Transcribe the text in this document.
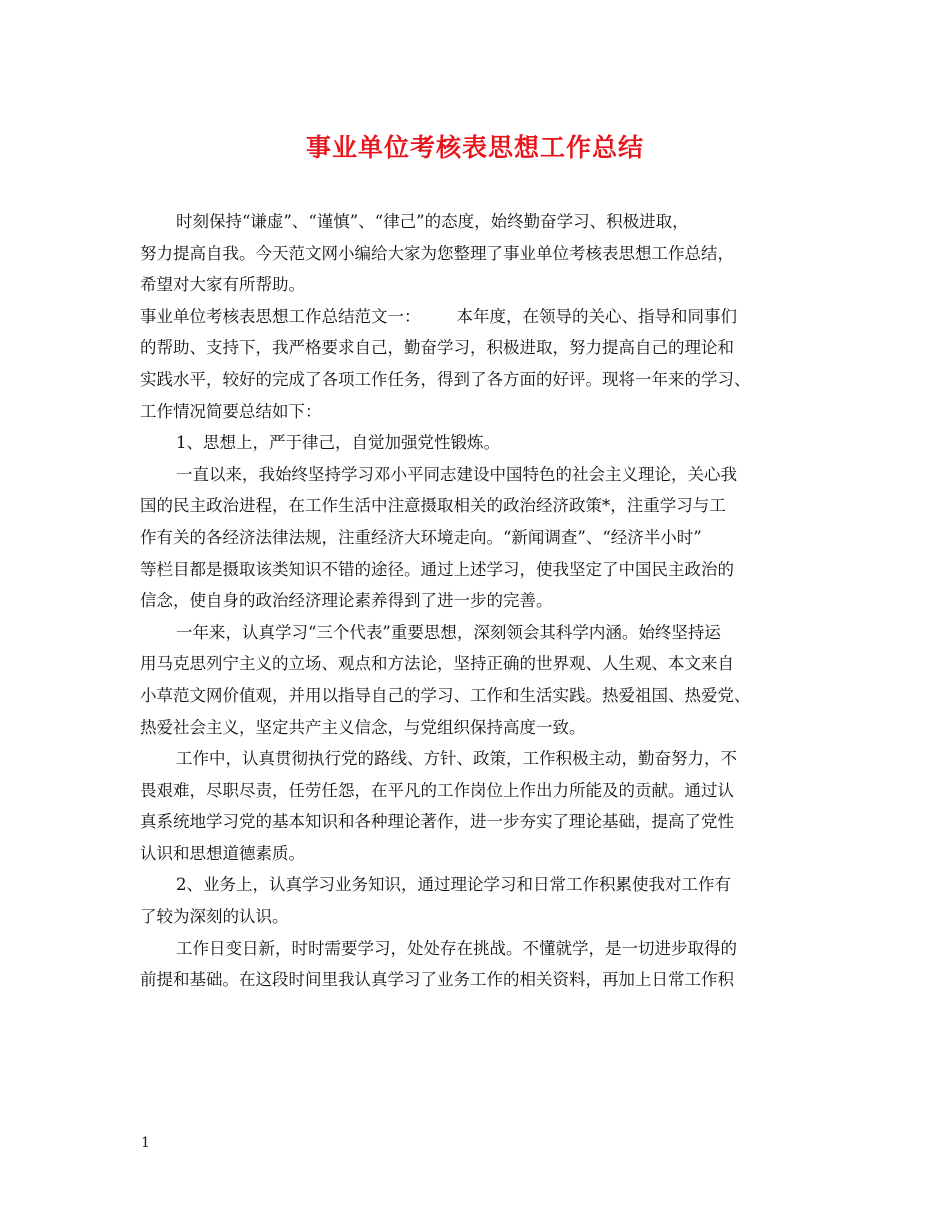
事业单位考核表思想工作总结
时刻保持“谦虚”、“谨慎”、“律己”的态度，始终勤奋学习、积极进取，
努力提高自我。今天范文网小编给大家为您整理了事业单位考核表思想工作总结，
希望对大家有所帮助。
事业单位考核表思想工作总结范文一： 本年度，在领导的关心、指导和同事们
的帮助、支持下，我严格要求自己，勤奋学习，积极进取，努力提高自己的理论和
实践水平，较好的完成了各项工作任务，得到了各方面的好评。现将一年来的学习、
工作情况简要总结如下：
1、思想上，严于律己，自觉加强党性锻炼。
一直以来，我始终坚持学习邓小平同志建设中国特色的社会主义理论，关心我
国的民主政治进程，在工作生活中注意摄取相关的政治经济政策*，注重学习与工
作有关的各经济法律法规，注重经济大环境走向。“新闻调查”、“经济半小时”
等栏目都是摄取该类知识不错的途径。通过上述学习，使我坚定了中国民主政治的
信念，使自身的政治经济理论素养得到了进一步的完善。
一年来，认真学习“三个代表”重要思想，深刻领会其科学内涵。始终坚持运
用马克思列宁主义的立场、观点和方法论，坚持正确的世界观、人生观、本文来自
小草范文网价值观，并用以指导自己的学习、工作和生活实践。热爱祖国、热爱党、
热爱社会主义，坚定共产主义信念，与党组织保持高度一致。
工作中，认真贯彻执行党的路线、方针、政策，工作积极主动，勤奋努力，不
畏艰难，尽职尽责，任劳任怨，在平凡的工作岗位上作出力所能及的贡献。通过认
真系统地学习党的基本知识和各种理论著作，进一步夯实了理论基础，提高了党性
认识和思想道德素质。
2、业务上，认真学习业务知识，通过理论学习和日常工作积累使我对工作有
了较为深刻的认识。
工作日变日新，时时需要学习，处处存在挑战。不懂就学，是一切进步取得的
前提和基础。在这段时间里我认真学习了业务工作的相关资料，再加上日常工作积
1
